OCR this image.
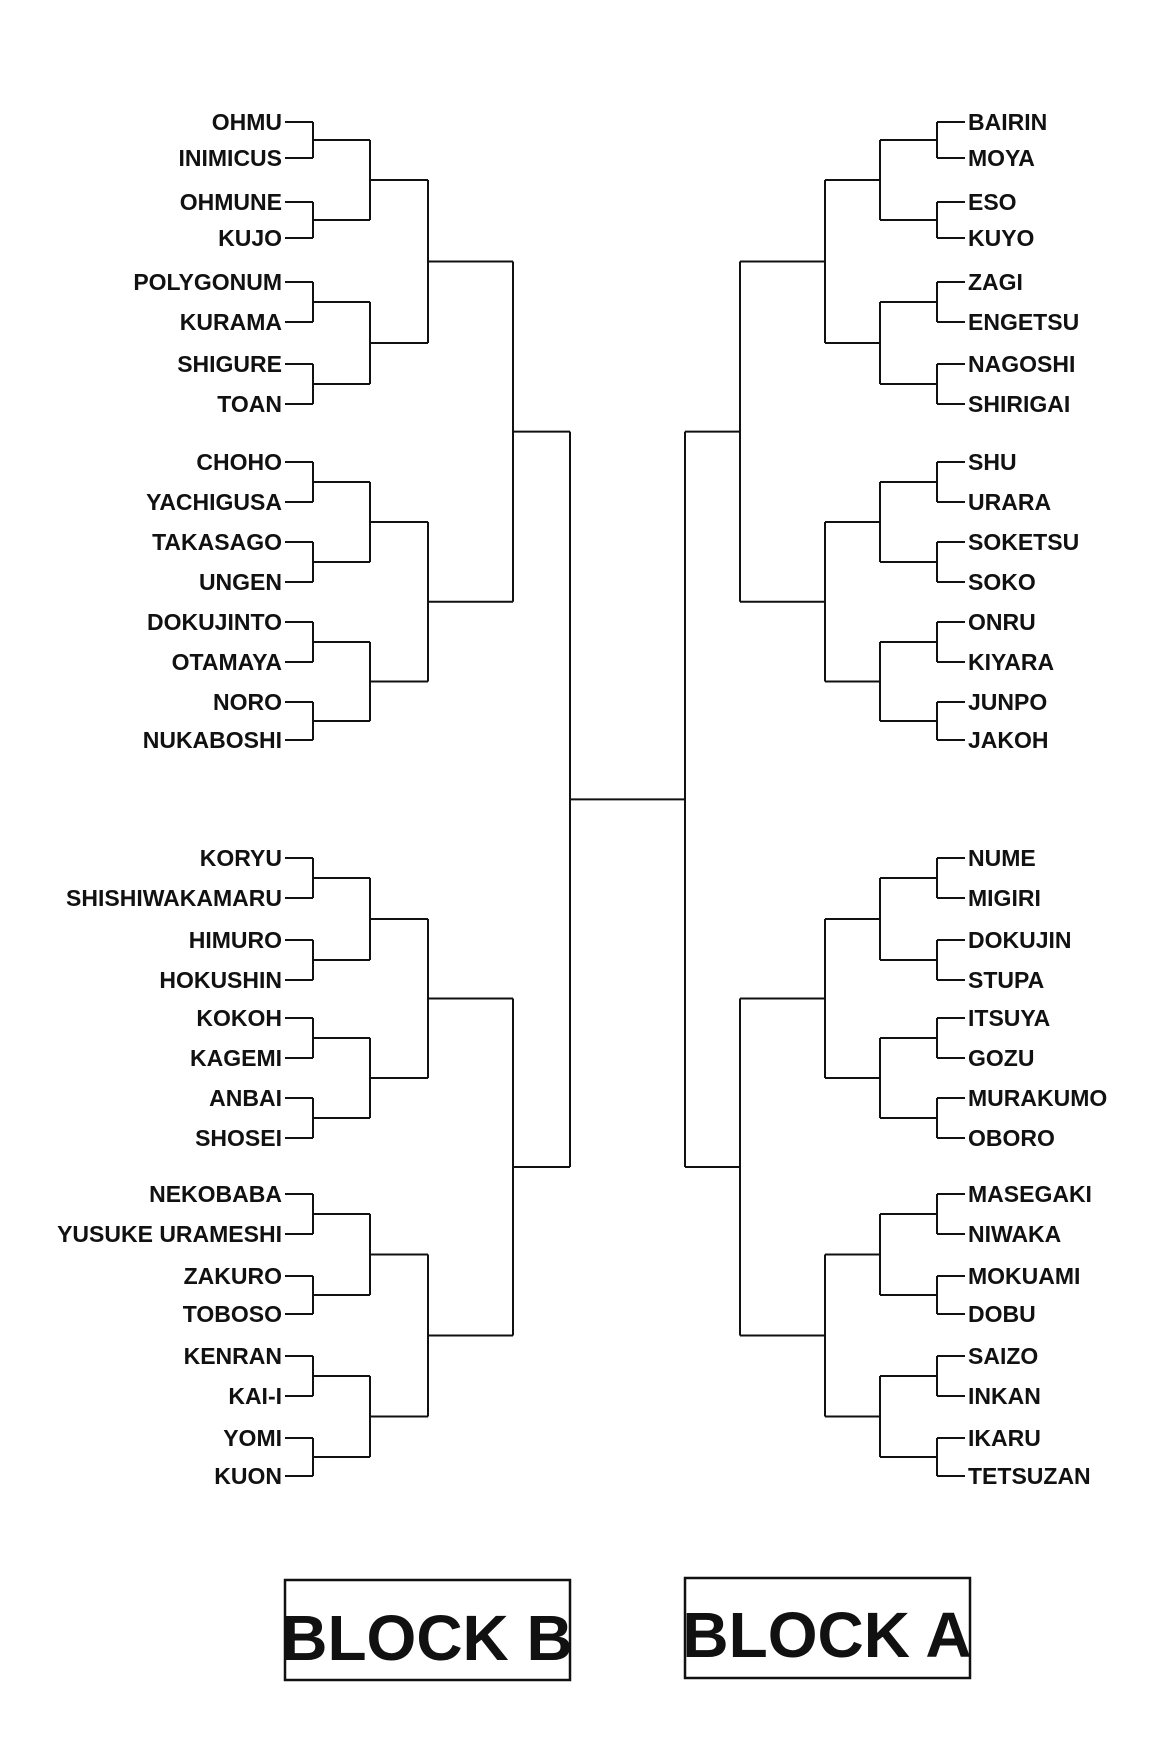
OHMU
INIMICUS
OHMUNE
KUJO
POLYGONUM
KURAMA
SHIGURE
TOAN
CHOHO
YACHIGUSA
TAKASAGO
UNGEN
DOKUJINTO
OTAMAYA
NORO
NUKABOSHI
KORYU
SHISHIWAKAMARU
HIMURO
HOKUSHIN
KOKOH
KAGEMI
ANBAI
SHOSEI
NEKOBABA
YUSUKE URAMESHI
ZAKURO
TOBOSO
KENRAN
KAI-I
YOMI
KUON
BAIRIN
MOYA
ESO
KUYO
ZAGI
ENGETSU
NAGOSHI
SHIRIGAI
SHU
URARA
SOKETSU
SOKO
ONRU
KIYARA
JUNPO
JAKOH
NUME
MIGIRI
DOKUJIN
STUPA
ITSUYA
GOZU
MURAKUMO
OBORO
MASEGAKI
NIWAKA
MOKUAMI
DOBU
SAIZO
INKAN
IKARU
TETSUZAN
BLOCK B BLOCK A
